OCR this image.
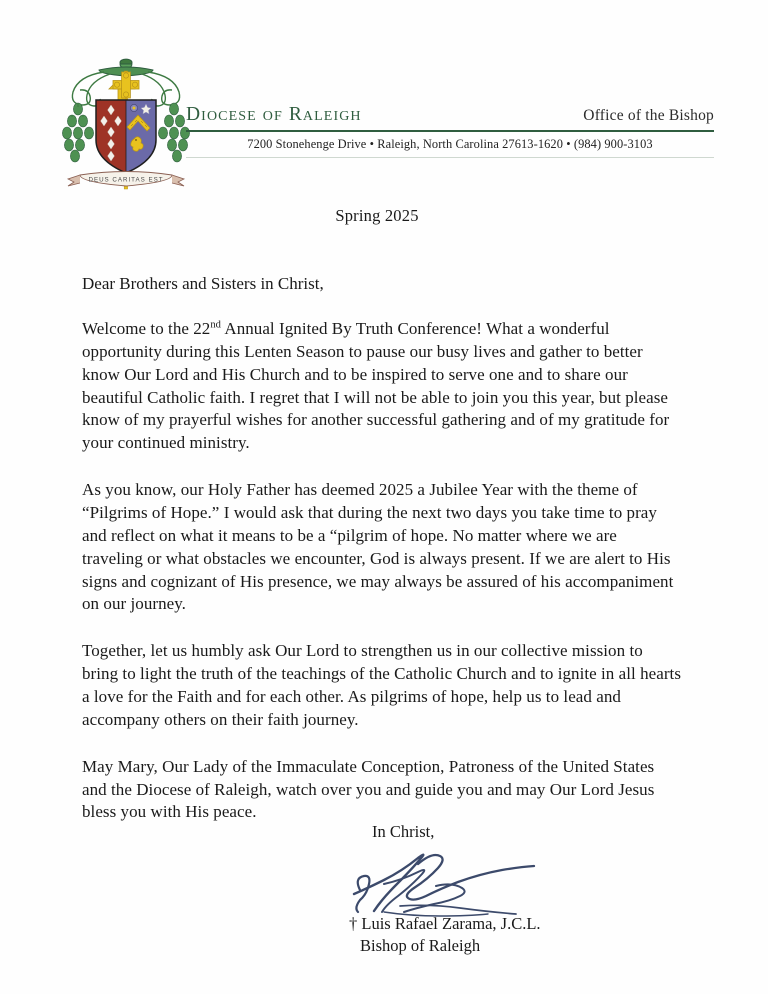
DEUS CARITAS EST
Diocese of Raleigh	Office of the Bishop
7200 Stonehenge Drive • Raleigh, North Carolina 27613-1620 • (984) 900-3103
Spring 2025
Dear Brothers and Sisters in Christ,

Welcome to the 22nd Annual Ignited By Truth Conference! What a wonderful opportunity during this Lenten Season to pause our busy lives and gather to better know Our Lord and His Church and to be inspired to serve one and to share our beautiful Catholic faith. I regret that I will not be able to join you this year, but please know of my prayerful wishes for another successful gathering and of my gratitude for your continued ministry.

As you know, our Holy Father has deemed 2025 a Jubilee Year with the theme of “Pilgrims of Hope.” I would ask that during the next two days you take time to pray and reflect on what it means to be a “pilgrim of hope. No matter where we are traveling or what obstacles we encounter, God is always present. If we are alert to His signs and cognizant of His presence, we may always be assured of his accompaniment on our journey.

Together, let us humbly ask Our Lord to strengthen us in our collective mission to bring to light the truth of the teachings of the Catholic Church and to ignite in all hearts a love for the Faith and for each other. As pilgrims of hope, help us to lead and accompany others on their faith journey.

May Mary, Our Lady of the Immaculate Conception, Patroness of the United States and the Diocese of Raleigh, watch over you and guide you and may Our Lord Jesus bless you with His peace.

In Christ,
† Luis Rafael Zarama, J.C.L.
Bishop of Raleigh
